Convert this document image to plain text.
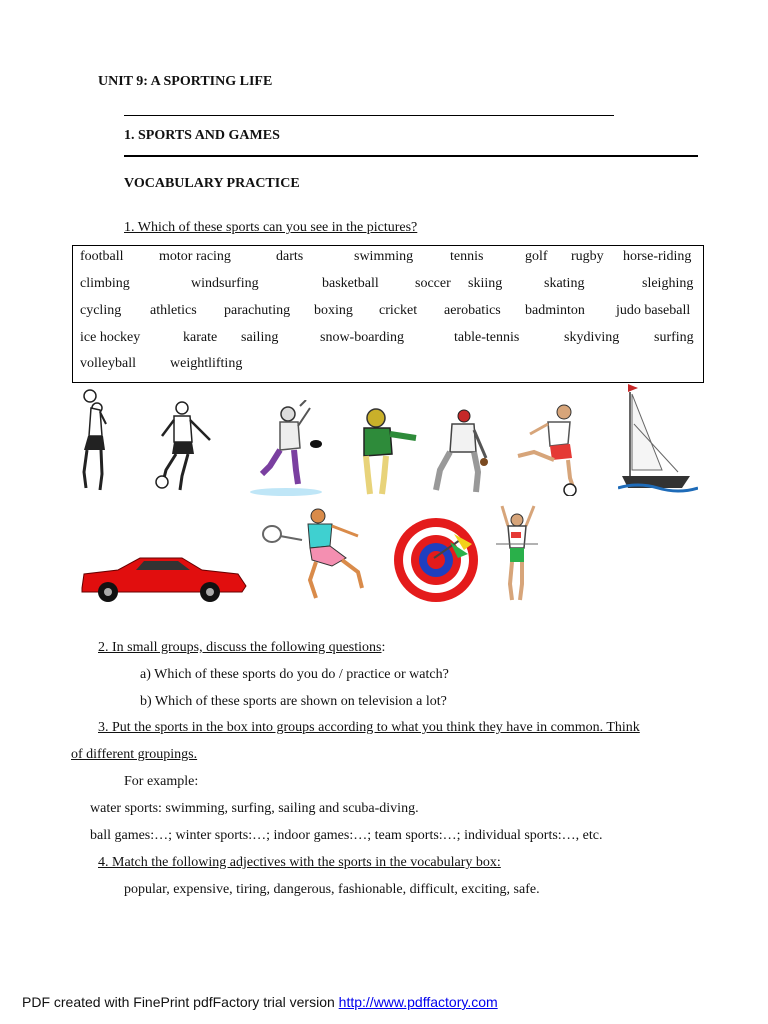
UNIT 9: A SPORTING LIFE
1. SPORTS AND GAMES
VOCABULARY PRACTICE
1. Which of these sports can you see in the pictures?
football	motor racing	darts	swimming	tennis	golf rugby horse-riding
climbing	windsurfing	basketball	soccer skiing	skating	sleighing
cycling athletics parachuting boxing cricket aerobatics badminton judo baseball
ice hockey	karate sailing	snow-boarding	table-tennis	skydiving surfing
volleyball weightlifting
2. In small groups, discuss the following questions:
a) Which of these sports do you do / practice or watch?
b) Which of these sports are shown on television a lot?
3. Put the sports in the box into groups according to what you think they have in common. Think
of different groupings.
For example:
water sports: swimming, surfing, sailing and scuba-diving.
ball games:…; winter sports:…; indoor games:…; team sports:…; individual sports:…, etc.
4. Match the following adjectives with the sports in the vocabulary box:
popular, expensive, tiring, dangerous, fashionable, difficult, exciting, safe.
PDF created with FinePrint pdfFactory trial version http://www.pdffactory.com
